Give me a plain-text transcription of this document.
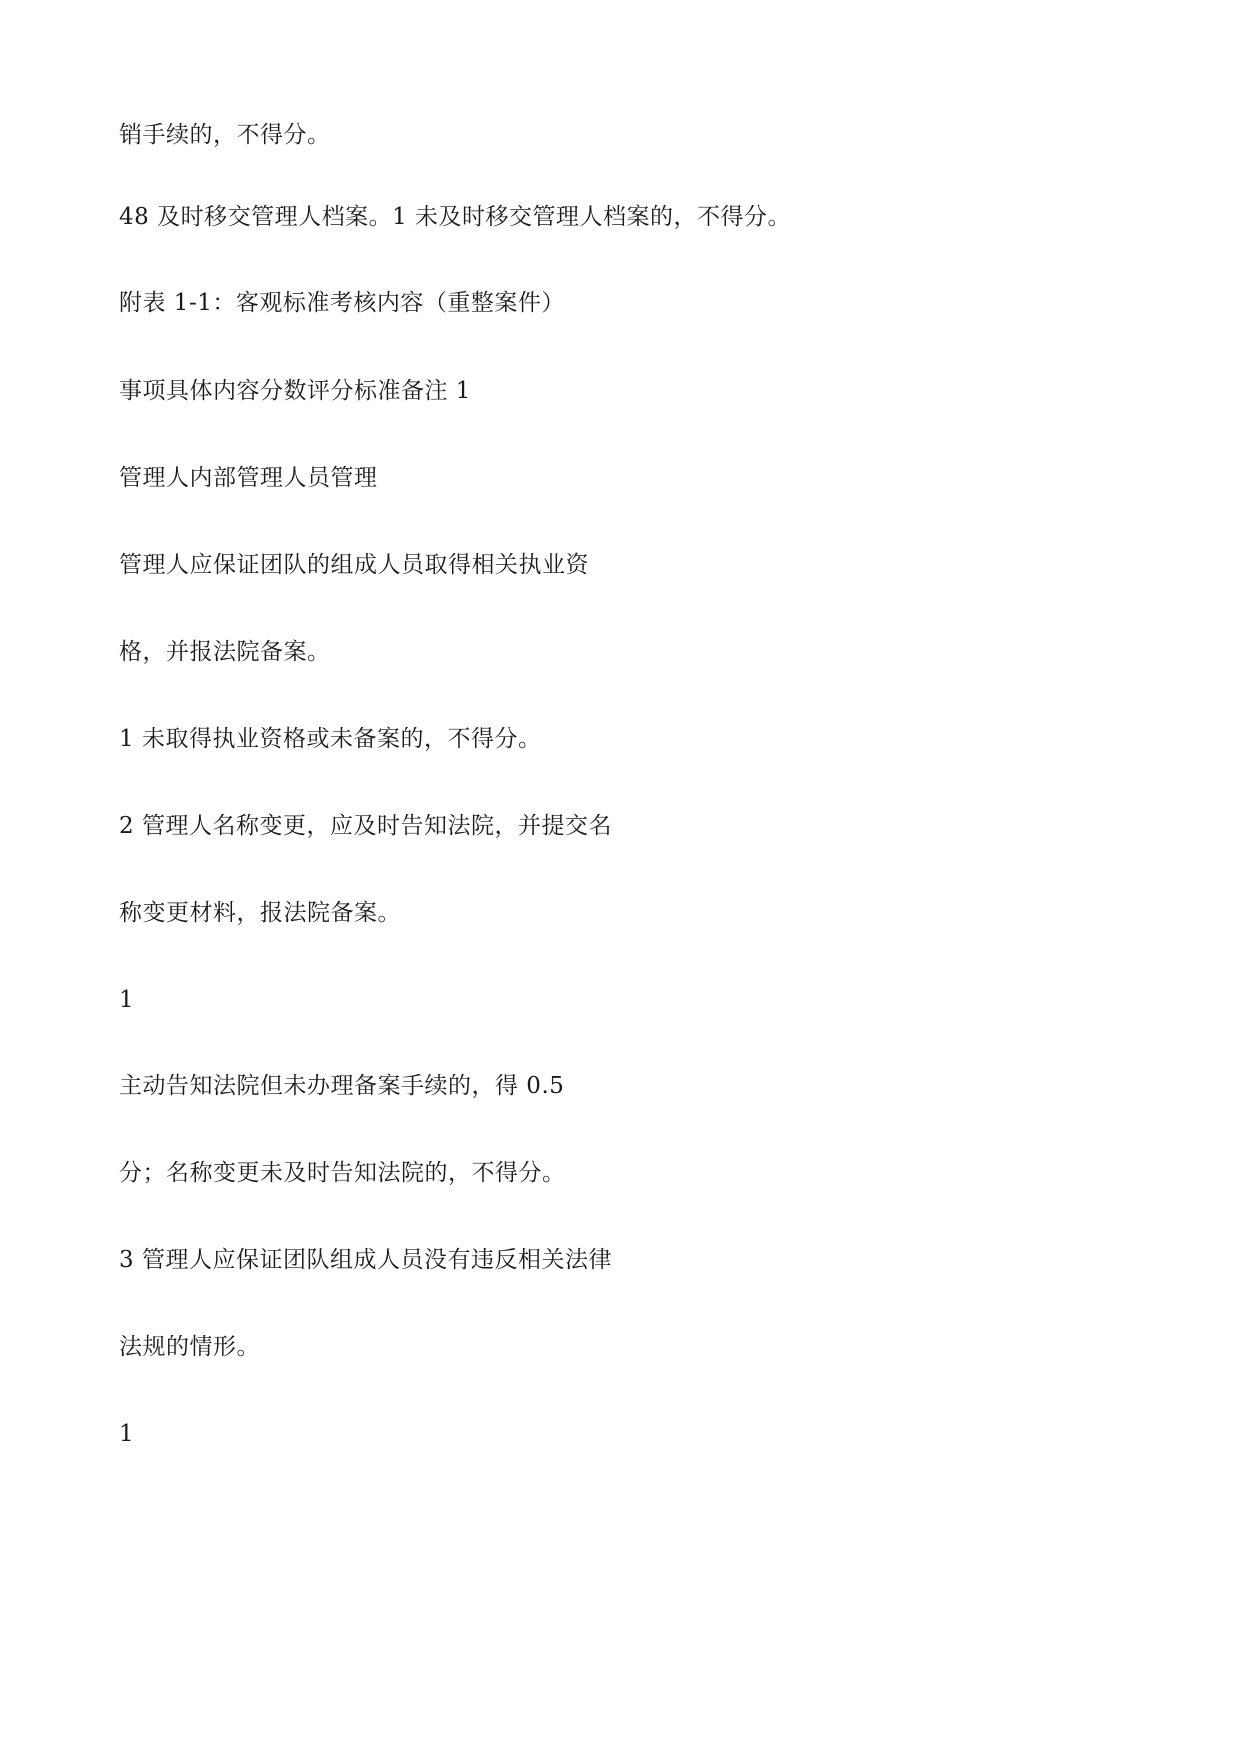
销手续的，不得分。

48 及时移交管理人档案。1 未及时移交管理人档案的，不得分。

附表 1-1：客观标准考核内容（重整案件）

事项具体内容分数评分标准备注 1

管理人内部管理人员管理

管理人应保证团队的组成人员取得相关执业资

格，并报法院备案。

1 未取得执业资格或未备案的，不得分。

2 管理人名称变更，应及时告知法院，并提交名

称变更材料，报法院备案。

1

主动告知法院但未办理备案手续的，得 0.5

分；名称变更未及时告知法院的，不得分。

3 管理人应保证团队组成人员没有违反相关法律

法规的情形。

1
